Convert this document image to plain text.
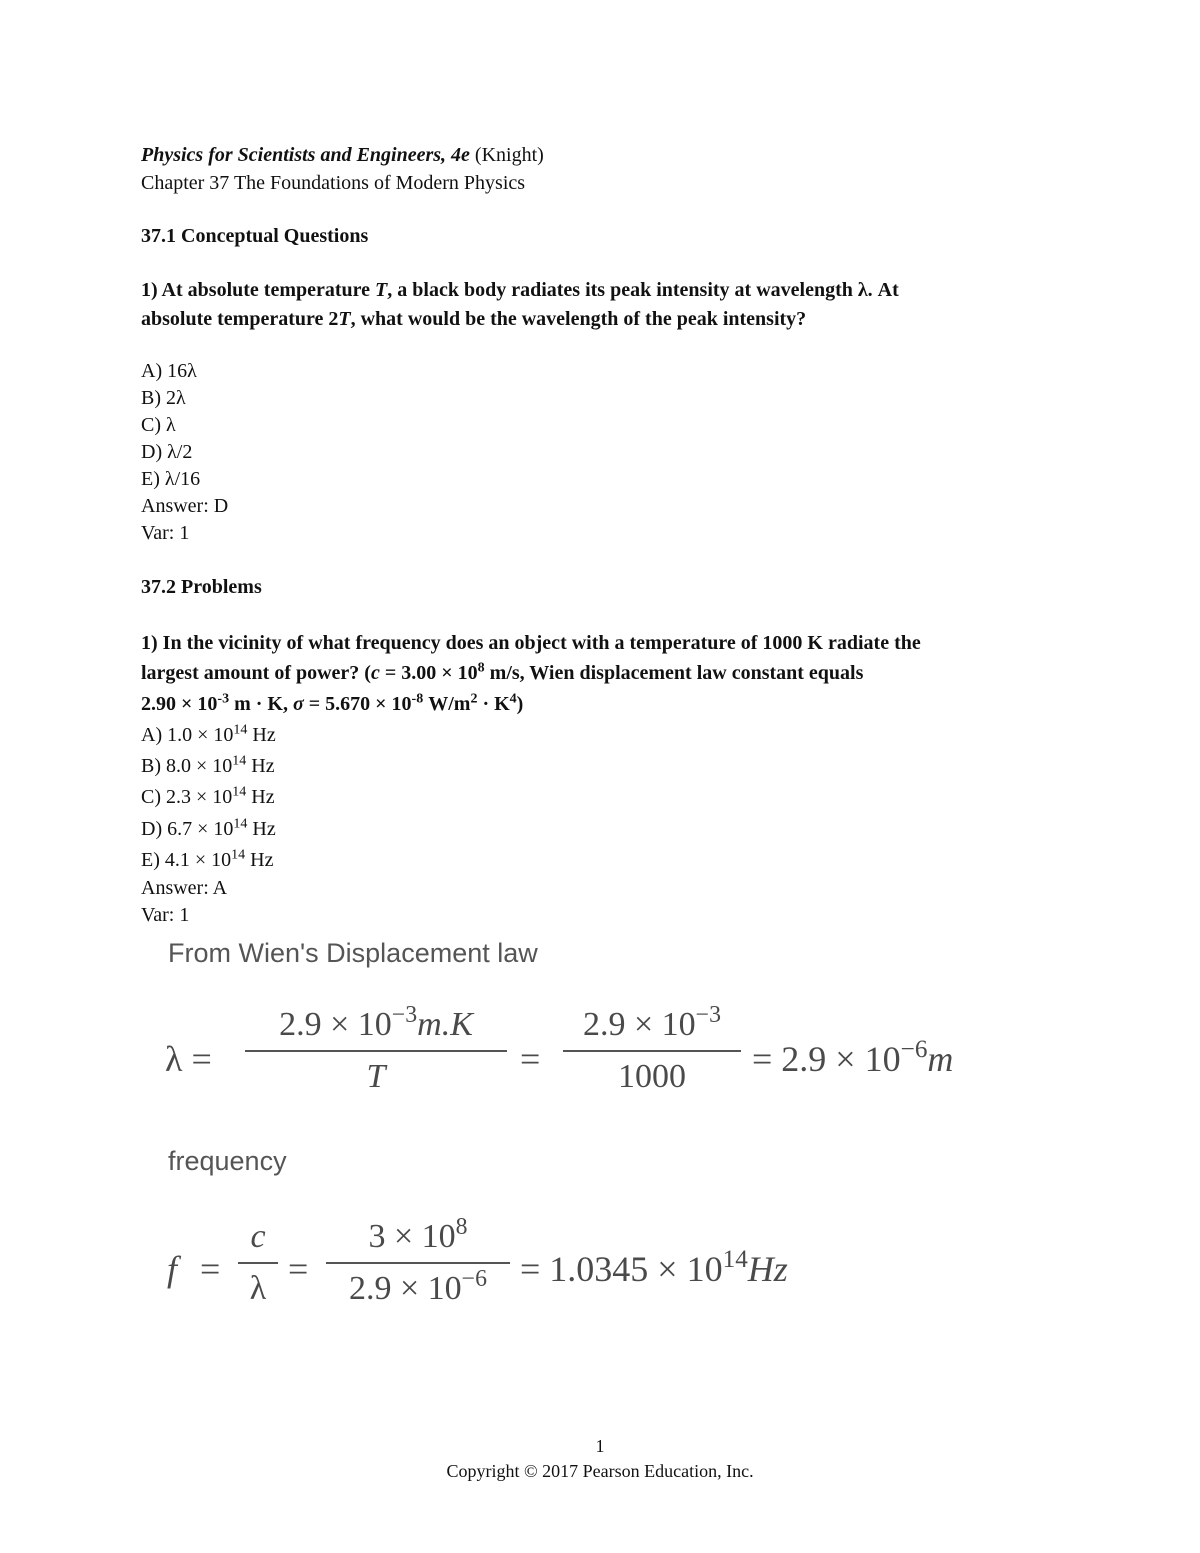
Physics for Scientists and Engineers, 4e (Knight)
Chapter 37 The Foundations of Modern Physics
37.1 Conceptual Questions
1) At absolute temperature T, a black body radiates its peak intensity at wavelength λ. At
absolute temperature 2T, what would be the wavelength of the peak intensity?
A) 16λ
B) 2λ
C) λ
D) λ/2
E) λ/16
Answer: D
Var: 1
37.2 Problems
1) In the vicinity of what frequency does an object with a temperature of 1000 K radiate the
largest amount of power? ($c = 3.00 \times 10^8$ m/s, Wien displacement law constant equals
$2.90 \times 10^{-3}$ m · K, $\sigma = 5.670 \times 10^{-8}$ $W/m^2 \cdot K^4$)
A) $1.0 \times 10^{14}$ Hz
B) $8.0 \times 10^{14}$ Hz
C) $2.3 \times 10^{14}$ Hz
D) $6.7 \times 10^{14}$ Hz
E) $4.1 \times 10^{14}$ Hz
Answer: A
Var: 1
From Wien's Displacement law
λ =
$2.9 \times 10^{-3}m.K$
T	=
$2.9 \times 10^{-3}$
1000	= $2.9 \times 10^{-6}m$
frequency
f =
c
λ =
$3 \times 10^8$
$2.9 \times 10^{-6} = 1.0345 \times 10^{14}Hz$
1
Copyright © 2017 Pearson Education, Inc.
